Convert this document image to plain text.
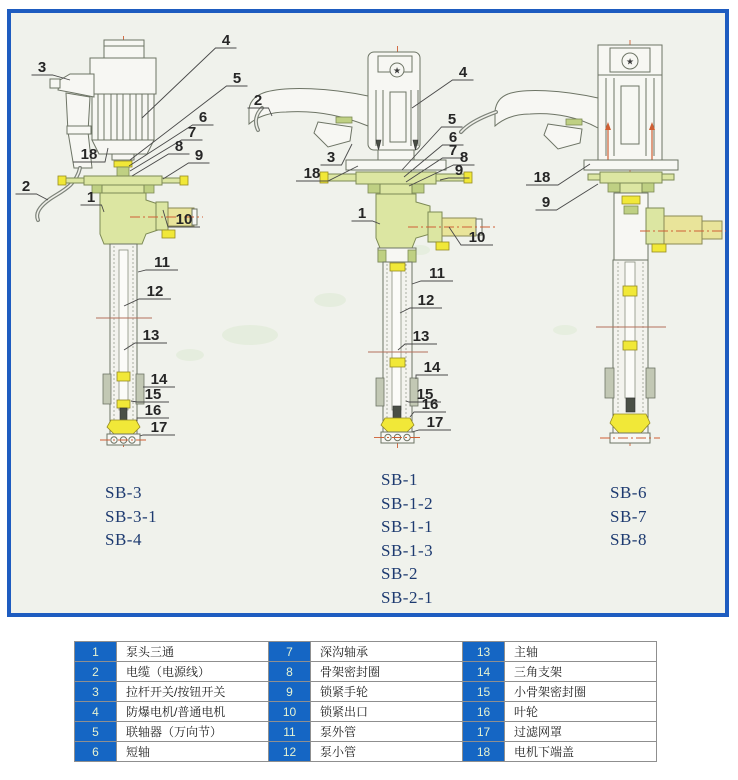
★
★
3
4
5
6
7
8
9
18
2
1
10
11
12
13
14
15
16
17
2
4
3
5
6
7 8
9
18
1
10
11
12
13
14
15
16
17
18
9
SB-3
SB-3-1
SB-4
SB-1
SB-1-2
SB-1-1
SB-1-3
SB-2
SB-2-1
SB-6
SB-7
SB-8
1	泵头三通	7	深沟轴承	13	主轴
2	电缆（电源线）	8	骨架密封圈	14	三角支架
3	拉杆开关/按钮开关	9	锁紧手轮	15	小骨架密封圈
4	防爆电机/普通电机	10	锁紧出口	16	叶轮
5	联轴器（万向节）	11	泵外管	17	过滤网罩
6	短轴	12	泵小管	18	电机下端盖
